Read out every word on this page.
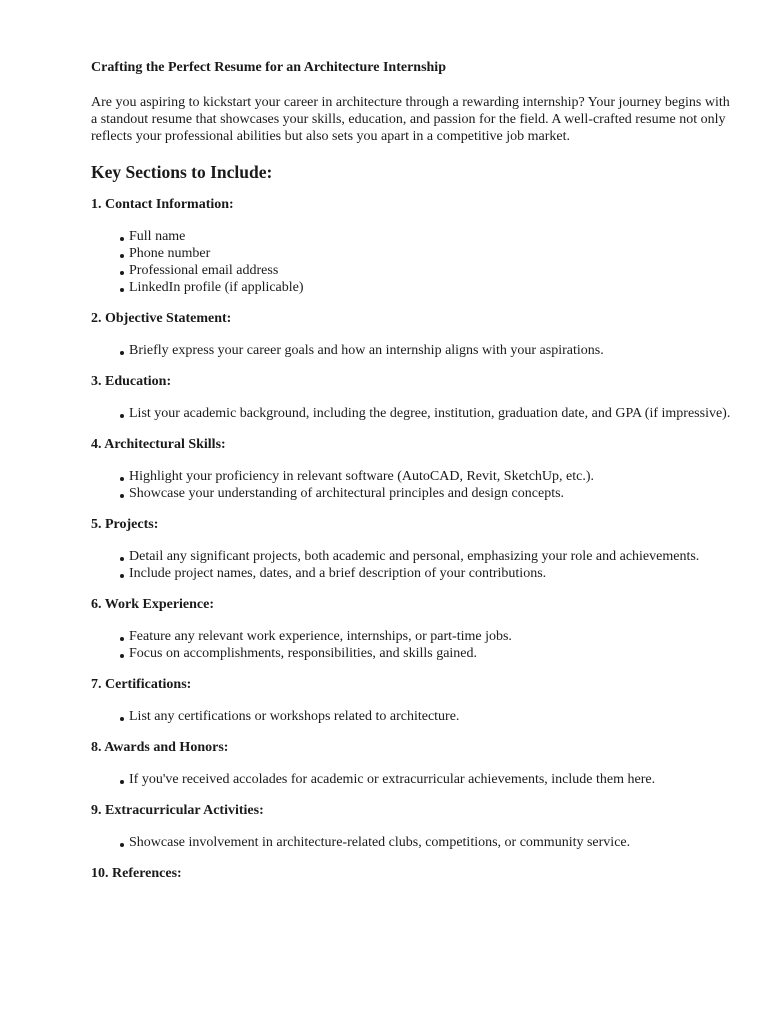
Crafting the Perfect Resume for an Architecture Internship
Are you aspiring to kickstart your career in architecture through a rewarding internship? Your journey begins with a standout resume that showcases your skills, education, and passion for the field. A well-crafted resume not only reflects your professional abilities but also sets you apart in a competitive job market.
Key Sections to Include:
1. Contact Information:
Full name
Phone number
Professional email address
LinkedIn profile (if applicable)
2. Objective Statement:
Briefly express your career goals and how an internship aligns with your aspirations.
3. Education:
List your academic background, including the degree, institution, graduation date, and GPA (if impressive).
4. Architectural Skills:
Highlight your proficiency in relevant software (AutoCAD, Revit, SketchUp, etc.).
Showcase your understanding of architectural principles and design concepts.
5. Projects:
Detail any significant projects, both academic and personal, emphasizing your role and achievements.
Include project names, dates, and a brief description of your contributions.
6. Work Experience:
Feature any relevant work experience, internships, or part-time jobs.
Focus on accomplishments, responsibilities, and skills gained.
7. Certifications:
List any certifications or workshops related to architecture.
8. Awards and Honors:
If you've received accolades for academic or extracurricular achievements, include them here.
9. Extracurricular Activities:
Showcase involvement in architecture-related clubs, competitions, or community service.
10. References:
